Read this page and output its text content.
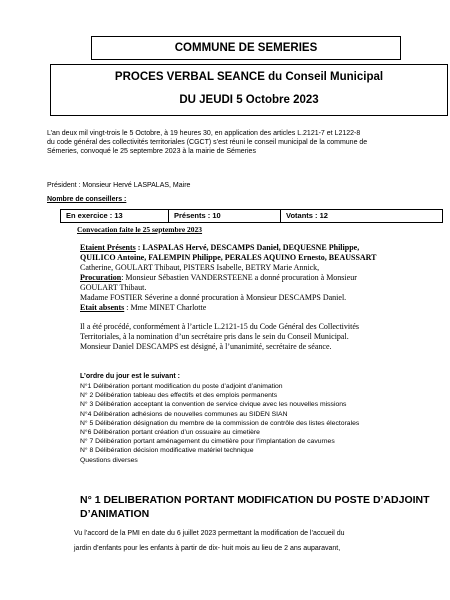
COMMUNE DE SEMERIES
PROCES VERBAL SEANCE du Conseil Municipal
DU JEUDI 5 Octobre 2023
L’an deux mil vingt-trois le 5 Octobre, à 19 heures 30, en application des articles L.2121-7 et L2122-8
du code général des collectivités territoriales (CGCT) s’est réuni le conseil municipal de la commune de
Sémeries, convoqué le 25 septembre 2023 à la mairie de Sémeries
Président : Monsieur Hervé LASPALAS, Maire
Nombre de conseillers :
En exercice : 13	Présents : 10	Votants : 12
Convocation faite le 25 septembre 2023
Etaient Présents : LASPALAS Hervé, DESCAMPS Daniel, DEQUESNE Philippe,
QUILICO Antoine, FALEMPIN Philippe, PERALES AQUINO Ernesto, BEAUSSART
Catherine, GOULART Thibaut, PISTERS Isabelle, BETRY Marie Annick,
Procuration: Monsieur Sébastien VANDERSTEENE a donné procuration à Monsieur
GOULART Thibaut.
Madame FOSTIER Séverine a donné procuration à Monsieur DESCAMPS Daniel.
Etait absents : Mme MINET Charlotte
Il a été procédé, conformément à l’article L.2121-15 du Code Général des Collectivités
Territoriales, à la nomination d’un secrétaire pris dans le sein du Conseil Municipal.
Monsieur Daniel DESCAMPS est désigné, à l’unanimité, secrétaire de séance.
L’ordre du jour est le suivant :
N°1 Délibération portant modification du poste d’adjoint d’animation
N° 2 Délibération tableau des effectifs et des emplois permanents
N° 3 Délibération acceptant la convention de service civique avec les nouvelles missions
N°4 Délibération adhésions de nouvelles communes au SIDEN SIAN
N° 5 Délibération désignation du membre de la commission de contrôle des listes électorales
N°6 Délibération portant création d’un ossuaire au cimetière
N° 7 Délibération portant aménagement du cimetière pour l’implantation de cavurnes
N° 8 Délibération décision modificative matériel technique
Questions diverses
N° 1 DELIBERATION PORTANT MODIFICATION DU POSTE D’ADJOINT
D’ANIMATION
Vu l’accord de la PMI en date du 6 juillet 2023 permettant la modification de l’accueil du
jardin d’enfants pour les enfants à partir de dix- huit mois au lieu de 2 ans auparavant,
